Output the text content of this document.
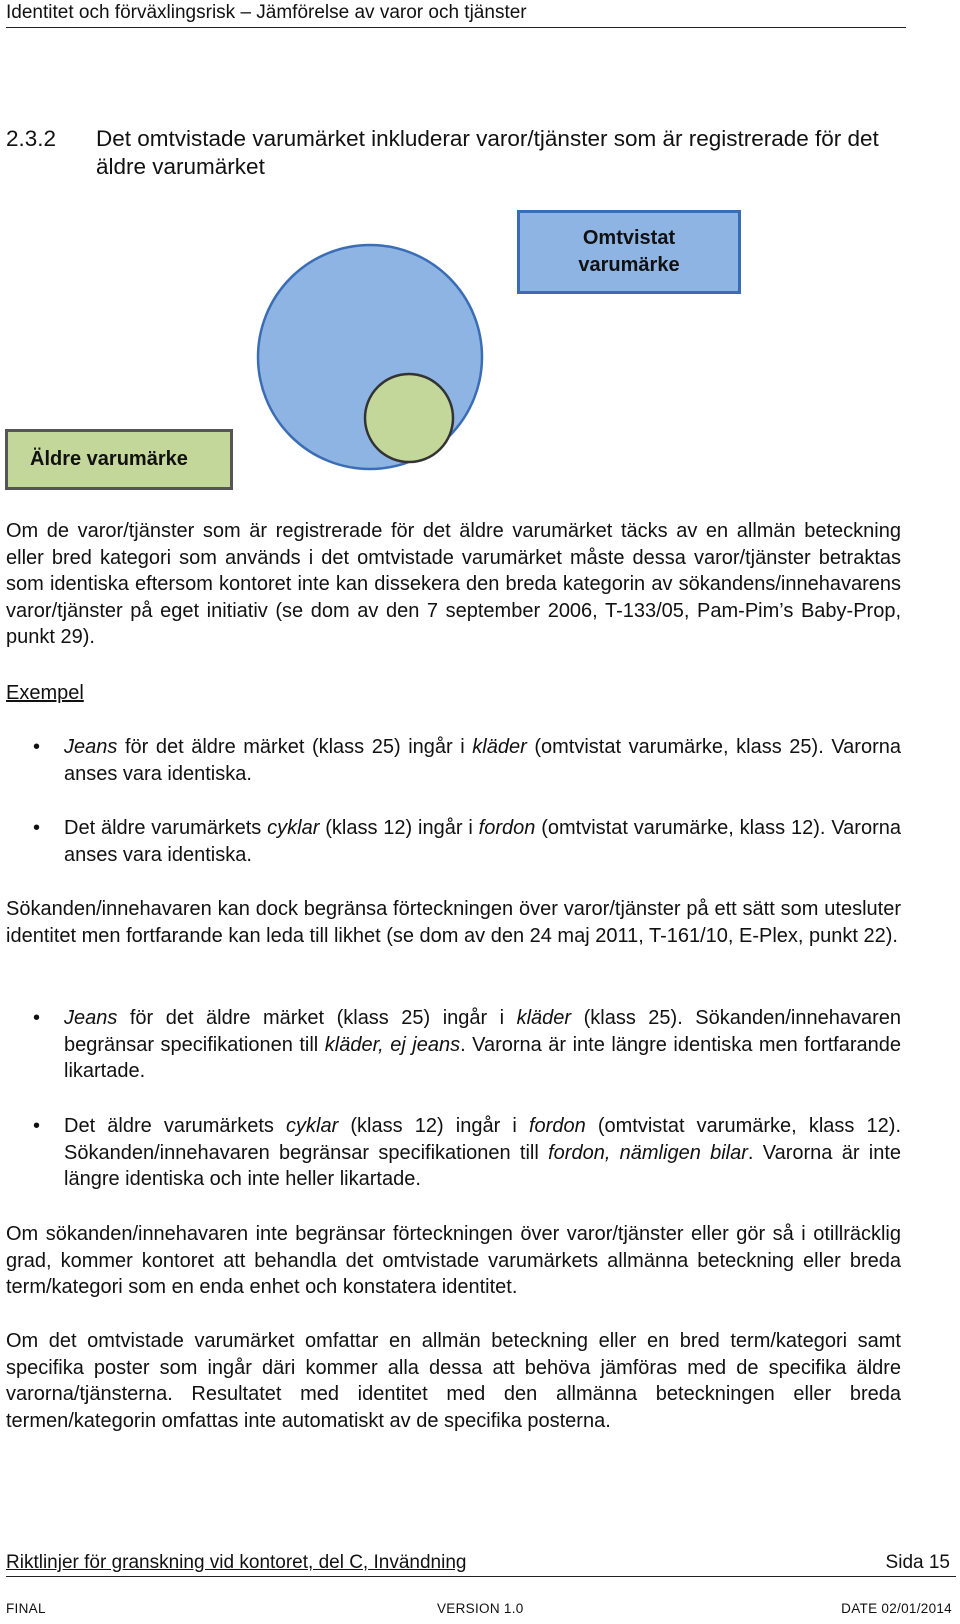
Identitet och förväxlingsrisk – Jämförelse av varor och tjänster
2.3.2 Det omtvistade varumärket inkluderar varor/tjänster som är registrerade för det äldre varumärket
Omtvistat varumärke
Äldre varumärke

Om de varor/tjänster som är registrerade för det äldre varumärket täcks av en allmän beteckning eller bred kategori som används i det omtvistade varumärket måste dessa varor/tjänster betraktas som identiska eftersom kontoret inte kan dissekera den breda kategorin av sökandens/innehavarens varor/tjänster på eget initiativ (se dom av den 7 september 2006, T-133/05, Pam-Pim’s Baby-Prop, punkt 29).

Exempel
• Jeans för det äldre märket (klass 25) ingår i kläder (omtvistat varumärke, klass 25). Varorna anses vara identiska.

• Det äldre varumärkets cyklar (klass 12) ingår i fordon (omtvistat varumärke, klass 12). Varorna anses vara identiska.

Sökanden/innehavaren kan dock begränsa förteckningen över varor/tjänster på ett sätt som utesluter identitet men fortfarande kan leda till likhet (se dom av den 24 maj 2011, T-161/10, E-Plex, punkt 22).

• Jeans för det äldre märket (klass 25) ingår i kläder (klass 25). Sökanden/innehavaren begränsar specifikationen till kläder, ej jeans. Varorna är inte längre identiska men fortfarande likartade.

• Det äldre varumärkets cyklar (klass 12) ingår i fordon (omtvistat varumärke, klass 12). Sökanden/innehavaren begränsar specifikationen till fordon, nämligen bilar. Varorna är inte längre identiska och inte heller likartade.

Om sökanden/innehavaren inte begränsar förteckningen över varor/tjänster eller gör så i otillräcklig grad, kommer kontoret att behandla det omtvistade varumärkets allmänna beteckning eller breda term/kategori som en enda enhet och konstatera identitet.

Om det omtvistade varumärket omfattar en allmän beteckning eller en bred term/kategori samt specifika poster som ingår däri kommer alla dessa att behöva jämföras med de specifika äldre varorna/tjänsterna. Resultatet med identitet med den allmänna beteckningen eller breda termen/kategorin omfattas inte automatiskt av de specifika posterna.

Riktlinjer för granskning vid kontoret, del C, Invändning	Sida 15
FINAL	VERSION 1.0	DATE 02/01/2014
